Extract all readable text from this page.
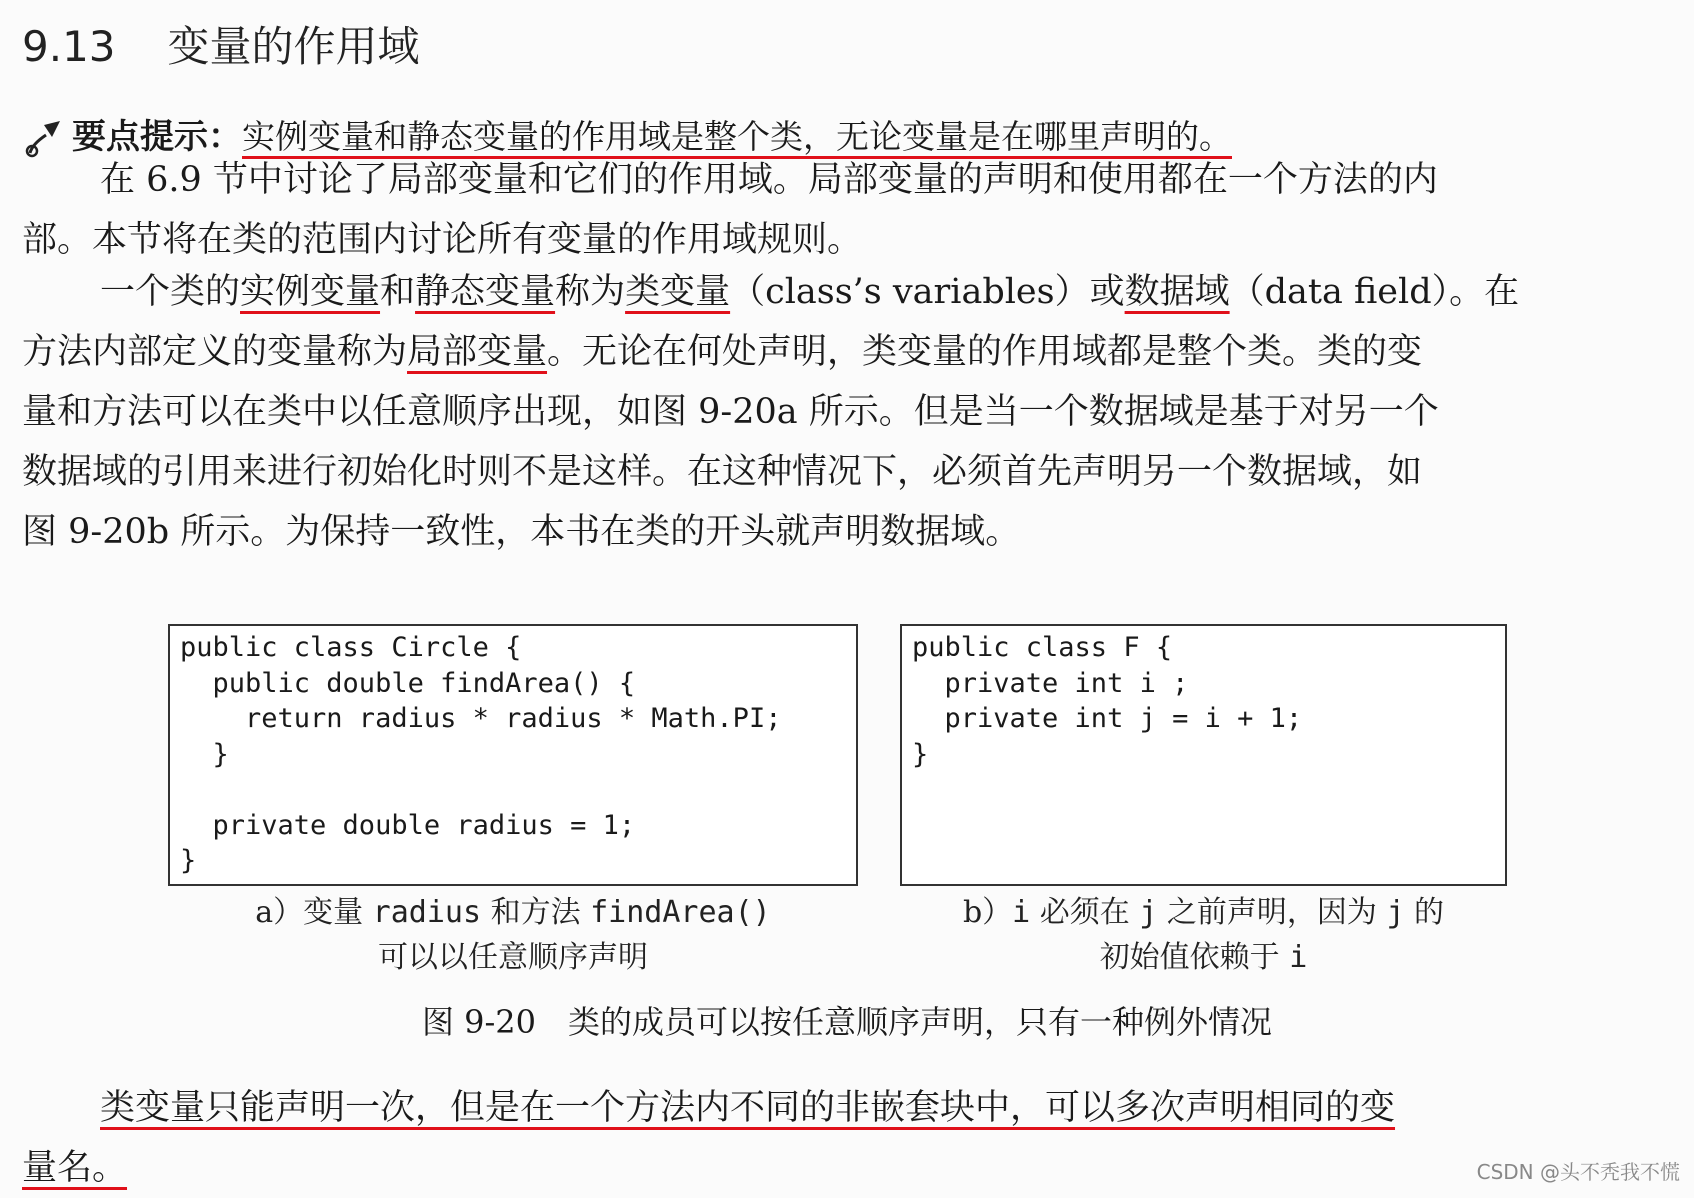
9.13 变量的作用域
要点提示：实例变量和静态变量的作用域是整个类，无论变量是在哪里声明的。
在 6.9 节中讨论了局部变量和它们的作用域。局部变量的声明和使用都在一个方法的内
部。本节将在类的范围内讨论所有变量的作用域规则。
一个类的实例变量和静态变量称为类变量（class’s variables）或数据域（data field）。在
方法内部定义的变量称为局部变量。无论在何处声明，类变量的作用域都是整个类。类的变
量和方法可以在类中以任意顺序出现，如图 9-20a 所示。但是当一个数据域是基于对另一个
数据域的引用来进行初始化时则不是这样。在这种情况下，必须首先声明另一个数据域，如
图 9-20b 所示。为保持一致性，本书在类的开头就声明数据域。
public class Circle {
public double findArea() {
return radius * radius * Math.PI;
}

private double radius = 1;
}
public class F {
private int i ;
private int j = i + 1;
}
a）变量 radius 和方法 findArea()
可以以任意顺序声明
b）i 必须在 j 之前声明，因为 j 的
初始值依赖于 i
图 9-20　类的成员可以按任意顺序声明，只有一种例外情况
类变量只能声明一次，但是在一个方法内不同的非嵌套块中，可以多次声明相同的变
量名。	CSDN @头不秃我不慌
